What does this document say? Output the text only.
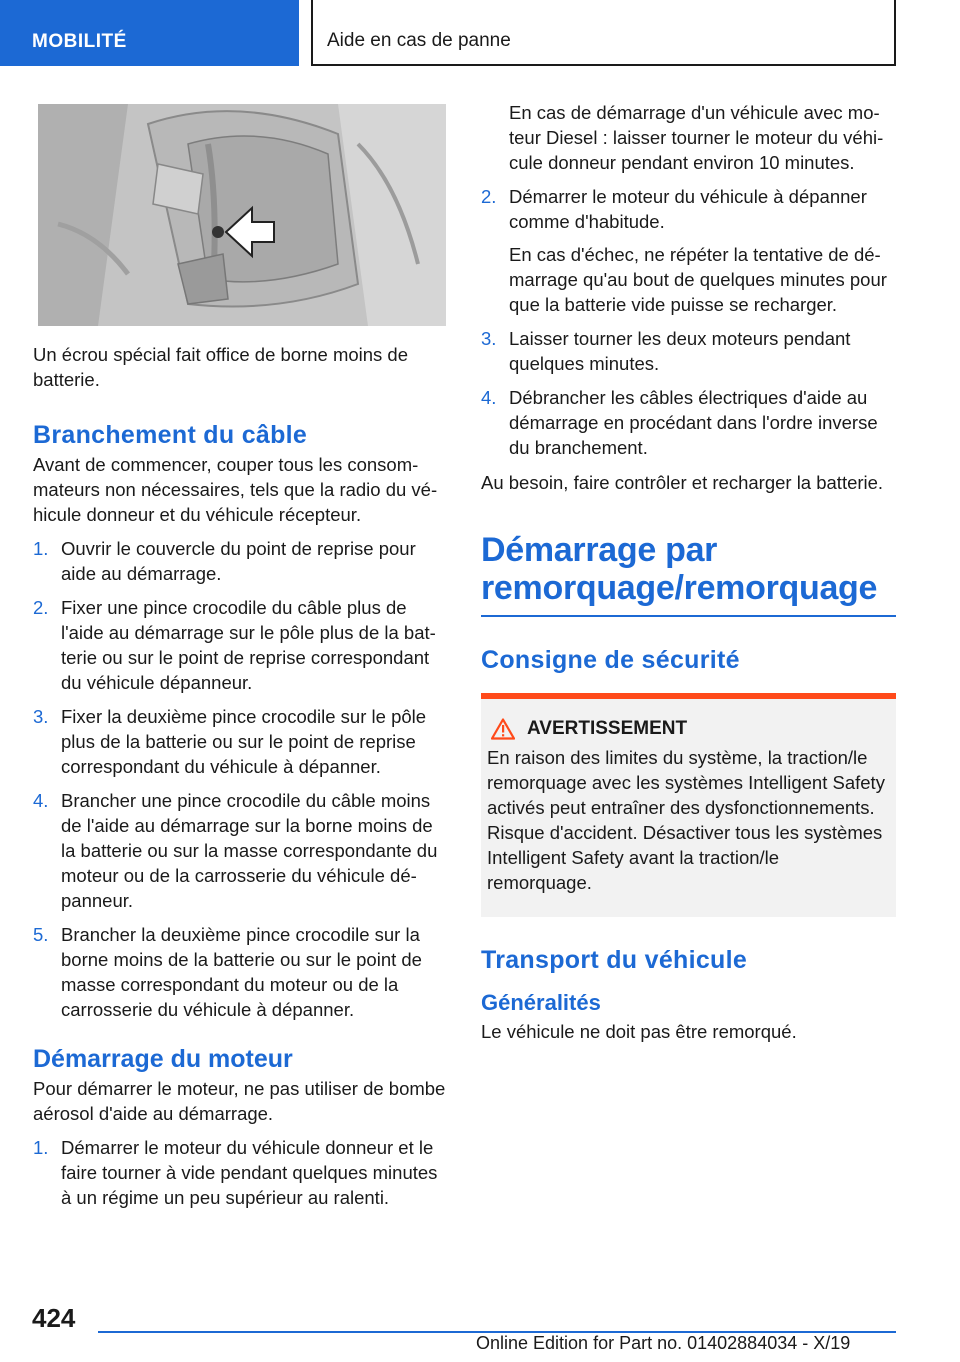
MOBILITÉ	Aide en cas de panne

Un écrou spécial fait office de borne moins de batterie.

Branchement du câble

Avant de commencer, couper tous les consommateurs non nécessaires, tels que la radio du véhicule donneur et du véhicule récepteur.

1. Ouvrir le couvercle du point de reprise pour aide au démarrage.
2. Fixer une pince crocodile du câble plus de l'aide au démarrage sur le pôle plus de la batterie ou sur le point de reprise correspondant du véhicule dépanneur.
3. Fixer la deuxième pince crocodile sur le pôle plus de la batterie ou sur le point de reprise correspondant du véhicule à dépanner.
4. Brancher une pince crocodile du câble moins de l'aide au démarrage sur la borne moins de la batterie ou sur la masse correspondante du moteur ou de la carrosserie du véhicule dépanneur.
5. Brancher la deuxième pince crocodile sur la borne moins de la batterie ou sur le point de masse correspondant du moteur ou de la carrosserie du véhicule à dépanner.
Démarrage du moteur

Pour démarrer le moteur, ne pas utiliser de bombe aérosol d'aide au démarrage.

1. Démarrer le moteur du véhicule donneur et le faire tourner à vide pendant quelques minutes à un régime un peu supérieur au ralenti.

En cas de démarrage d'un véhicule avec moteur Diesel : laisser tourner le moteur du véhicule donneur pendant environ 10 minutes.

2. Démarrer le moteur du véhicule à dépanner comme d'habitude.
En cas d'échec, ne répéter la tentative de démarrage qu'au bout de quelques minutes pour que la batterie vide puisse se recharger.
3. Laisser tourner les deux moteurs pendant quelques minutes.
4. Débrancher les câbles électriques d'aide au démarrage en procédant dans l'ordre inverse du branchement.

Au besoin, faire contrôler et recharger la batterie.

Démarrage par
remorquage/remorquage
Consigne de sécurité
AVERTISSEMENT

En raison des limites du système, la traction/le remorquage avec les systèmes Intelligent Safety activés peut entraîner des dysfonctionnements. Risque d'accident. Désactiver tous les systèmes Intelligent Safety avant la traction/le remorquage.

Transport du véhicule
Généralités

Le véhicule ne doit pas être remorqué.

424
Online Edition for Part no. 01402884034 - X/19
